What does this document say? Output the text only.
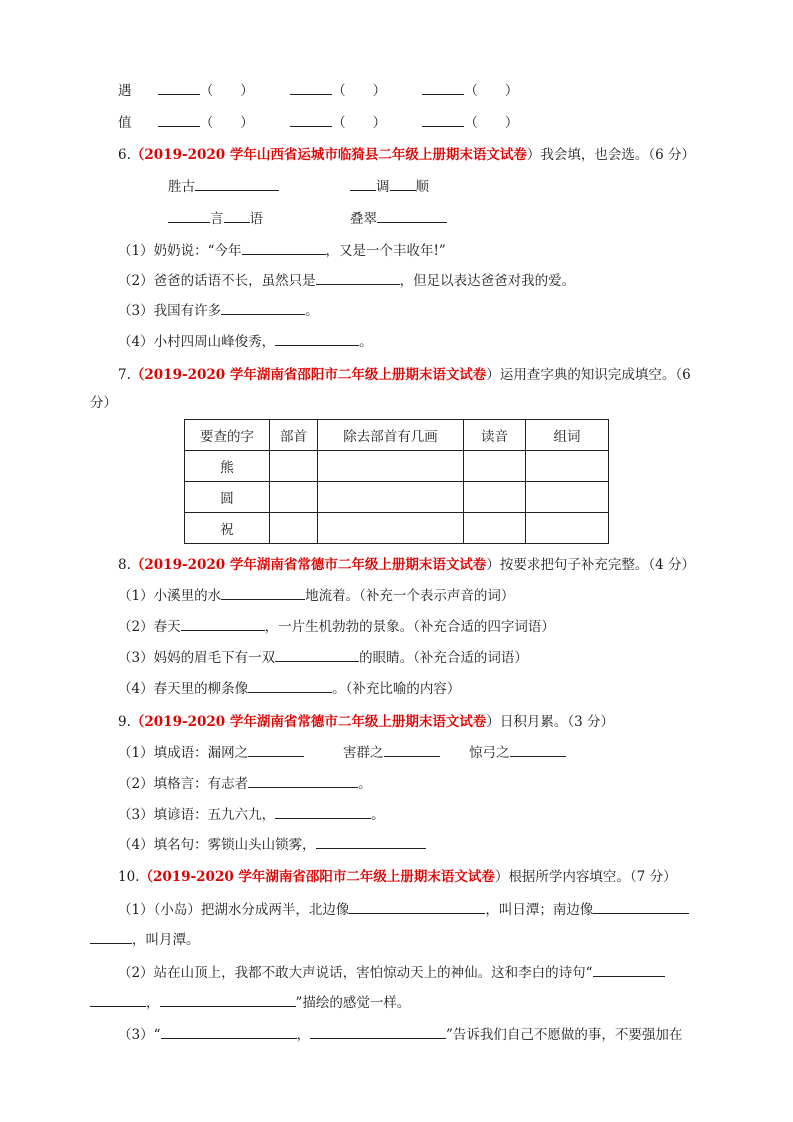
遇	（　　）	（　　）	（　　）
值	（　　）	（　　）	（　　）
6.（2019-2020 学年山西省运城市临猗县二年级上册期末语文试卷）我会填，也会选。（6 分）
胜古	调 顺
言 语	叠翠
（1）奶奶说：“今年	，又是一个丰收年!”
（2）爸爸的话语不长，虽然只是	，但足以表达爸爸对我的爱。
（3）我国有许多	。
（4）小村四周山峰俊秀，	。
7.（2019-2020 学年湖南省邵阳市二年级上册期末语文试卷）运用查字典的知识完成填空。（6
分）
要查的字	部首	除去部首有几画	读音	组词
熊				
圆				
祝				
8.（2019-2020 学年湖南省常德市二年级上册期末语文试卷）按要求把句子补充完整。（4 分）
（1）小溪里的水	地流着。（补充一个表示声音的词）
（2）春天	，一片生机勃勃的景象。（补充合适的四字词语）
（3）妈妈的眉毛下有一双	的眼睛。（补充合适的词语）
（4）春天里的柳条像	。（补充比喻的内容）
9.（2019-2020 学年湖南省常德市二年级上册期末语文试卷）日积月累。（3 分）
（1）填成语：漏网之	害群之	惊弓之
（2）填格言：有志者	。
（3）填谚语：五九六九，	。
（4）填名句：雾锁山头山锁雾，
10.（2019-2020 学年湖南省邵阳市二年级上册期末语文试卷）根据所学内容填空。（7 分）
（1）（小岛）把湖水分成两半，北边像	，叫日潭；南边像
，叫月潭。
（2）站在山顶上，我都不敢大声说话，害怕惊动天上的神仙。这和李白的诗句“
，	”描绘的感觉一样。
（3）“	，	”告诉我们自己不愿做的事，不要强加在
